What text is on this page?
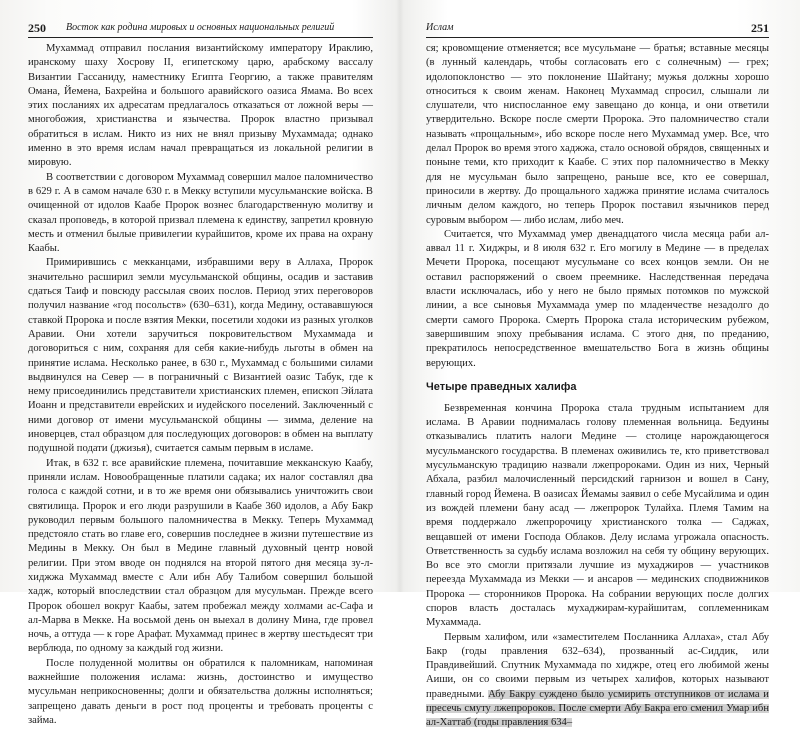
250 Восток как родина мировых и основных национальных религий

Мухаммад отправил послания византийскому императору Ираклию, иранскому шаху Хосрову II, египетскому царю, арабскому вассалу Византии Гассаниду, наместнику Египта Георгию, а также правителям Омана, Йемена, Бахрейна и большого аравийского оазиса Ямама. Во всех этих посланиях их адресатам предлагалось отказаться от ложной веры — многобожия, христианства и язычества. Пророк властно призывал обратиться в ислам. Никто из них не внял призыву Мухаммада; однако именно в это время ислам начал превращаться из локальной религии в мировую.

В соответствии с договором Мухаммад совершил малое паломничество в 629 г. А в самом начале 630 г. в Мекку вступили мусульманские войска. В очищенной от идолов Каабе Пророк вознес благодарственную молитву и сказал проповедь, в которой призвал племена к единству, запретил кровную месть и отменил былые привилегии курайшитов, кроме их права на охрану Каабы.

Примирившись с мекканцами, избравшими веру в Аллаха, Пророк значительно расширил земли мусульманской общины, осадив и заставив сдаться Таиф и повсюду рассылая своих послов. Период этих переговоров получил название «год посольств» (630–631), когда Медину, остававшуюся ставкой Пророка и после взятия Мекки, посетили ходоки из разных уголков Аравии. Они хотели заручиться покровительством Мухаммада и договориться с ним, сохраняя для себя какие-нибудь льготы в обмен на принятие ислама. Несколько ранее, в 630 г., Мухаммад с большими силами выдвинулся на Север — в пограничный с Византией оазис Табук, где к нему присоединились представители христианских племен, епископ Эйлата Иоанн и представители еврейских и иудейского поселений. Заключенный с ними договор от имени мусульманской общины — зимма, деление на иноверцев, стал образцом для последующих договоров: в обмен на выплату подушной подати (джизья), считается самым первым в исламе.

Итак, в 632 г. все аравийские племена, почитавшие мекканскую Каабу, приняли ислам. Новообращенные платили садака; их налог составлял два голоса с каждой сотни, и в то же время они обязывались уничтожить свои святилища. Пророк и его люди разрушили в Каабе 360 идолов, а Абу Бакр руководил первым большого паломничества в Мекку. Теперь Мухаммад предстояло стать во главе его, совершив последнее в жизни путешествие из Медины в Мекку. Он был в Медине главный духовный центр новой религии. При этом вводе он поднялся на второй пятого дня месяца зу-л-хиджжа Мухаммад вместе с Али ибн Абу Талибом совершил большой хадж, который впоследствии стал образцом для мусульман. Прежде всего Пророк обошел вокруг Каабы, затем пробежал между холмами ас-Сафа и ал-Марва в Мекке. На восьмой день он выехал в долину Мина, где провел ночь, а оттуда — к горе Арафат. Мухаммад принес в жертву шестьдесят три верблюда, по одному за каждый год жизни.

После полуденной молитвы он обратился к паломникам, напоминая важнейшие положения ислама: жизнь, достоинство и имущество мусульман неприкосновенны; долги и обязательства должны исполняться; запрещено давать деньги в рост под проценты и требовать проценты с займа.

Ислам	251

ся; кровомщение отменяется; все мусульмане — братья; вставные месяцы (в лунный календарь, чтобы согласовать его с солнечным) — грех; идолопоклонство — это поклонение Шайтану; мужья должны хорошо относиться к своим женам. Наконец Мухаммад спросил, слышали ли слушатели, что ниспосланное ему завещано до конца, и они ответили утвердительно. Вскоре после смерти Пророка. Это паломничество стали называть «прощальным», ибо вскоре после него Мухаммад умер. Все, что делал Пророк во время этого хаджжа, стало основой обрядов, священных и поныне теми, кто приходит к Каабе. С этих пор паломничество в Мекку для не мусульман было запрещено, раньше все, кто ее совершал, приносили в жертву. До прощального хаджжа принятие ислама считалось личным делом каждого, но теперь Пророк поставил язычников перед суровым выбором — либо ислам, либо меч.

Считается, что Мухаммад умер двенадцатого числа месяца раби ал-аввал 11 г. Хиджры, и 8 июля 632 г. Его могилу в Медине — в пределах Мечети Пророка, посещают мусульмане со всех концов земли. Он не оставил распоряжений о своем преемнике. Наследственная передача власти исключалась, ибо у него не было прямых потомков по мужской линии, а все сыновья Мухаммада умер по младенчестве незадолго до смерти самого Пророка. Смерть Пророка стала историческим рубежом, завершившим эпоху пребывания ислама. С этого дня, по преданию, прекратилось непосредственное вмешательство Бога в жизнь общины верующих.

Четыре праведных халифа

Безвременная кончина Пророка стала трудным испытанием для ислама. В Аравии поднималась голову племенная вольница. Бедуины отказывались платить налоги Медине — столице нарождающегося мусульманского государства. В племенах оживились те, кто приветствовал мусульманскую традицию назвали лжепророками. Один из них, Черный Абхала, разбил малочисленный персидский гарнизон и вошел в Сану, главный город Йемена. В оазисах Йемамы заявил о себе Мусайлима и один из вождей племени бану асад — лжепророк Тулайха. Племя Тамим на время поддержало лжепророчицу христианского толка — Саджах, вещавшей от имени Господа Облаков. Делу ислама угрожала опасность. Ответственность за судьбу ислама возложил на себя ту общину верующих. Во все это смогли притязали лучшие из мухаджиров — участников переезда Мухаммада из Мекки — и ансаров — мединских сподвижников Пророка — сторонников Пророка. На собрании верующих после долгих споров власть досталась мухаджирам-курайшитам, соплеменникам Мухаммада.

Первым халифом, или «заместителем Посланника Аллаха», стал Абу Бакр (годы правления 632–634), прозванный ас-Сиддик, или Правдивейший. Спутник Мухаммада по хиджре, отец его любимой жены Аиши, он со своими первым из четырех халифов, которых называют праведными. Абу Бакру суждено было усмирить отступников от ислама и пресечь смуту лжепророков. После смерти Абу Бакра его сменил Умар ибн ал-Хаттаб (годы правления 634–
